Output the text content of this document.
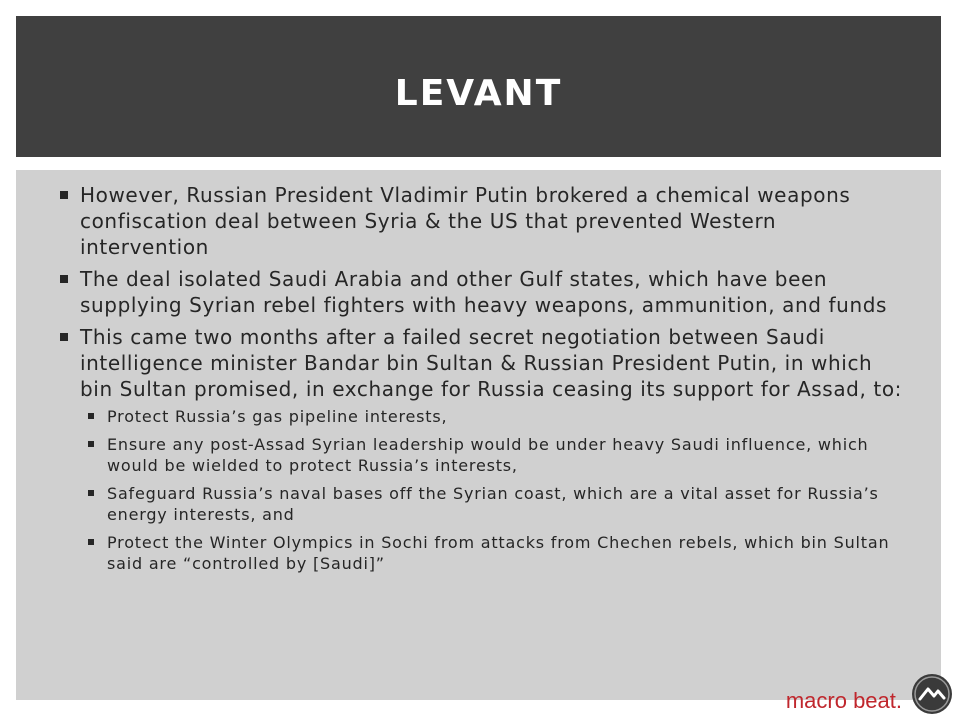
LEVANT
However, Russian President Vladimir Putin brokered a chemical weapons confiscation deal between Syria & the US that prevented Western intervention
The deal isolated Saudi Arabia and other Gulf states, which have been supplying Syrian rebel fighters with heavy weapons, ammunition, and funds
This came two months after a failed secret negotiation between Saudi intelligence minister Bandar bin Sultan & Russian President Putin, in which bin Sultan promised, in exchange for Russia ceasing its support for Assad, to:
Protect Russia’s gas pipeline interests,
Ensure any post-Assad Syrian leadership would be under heavy Saudi influence, which would be wielded to protect Russia’s interests,
Safeguard Russia’s naval bases off the Syrian coast, which are a vital asset for Russia’s energy interests, and
Protect the Winter Olympics in Sochi from attacks from Chechen rebels, which bin Sultan said are “controlled by [Saudi]”
macro beat.
